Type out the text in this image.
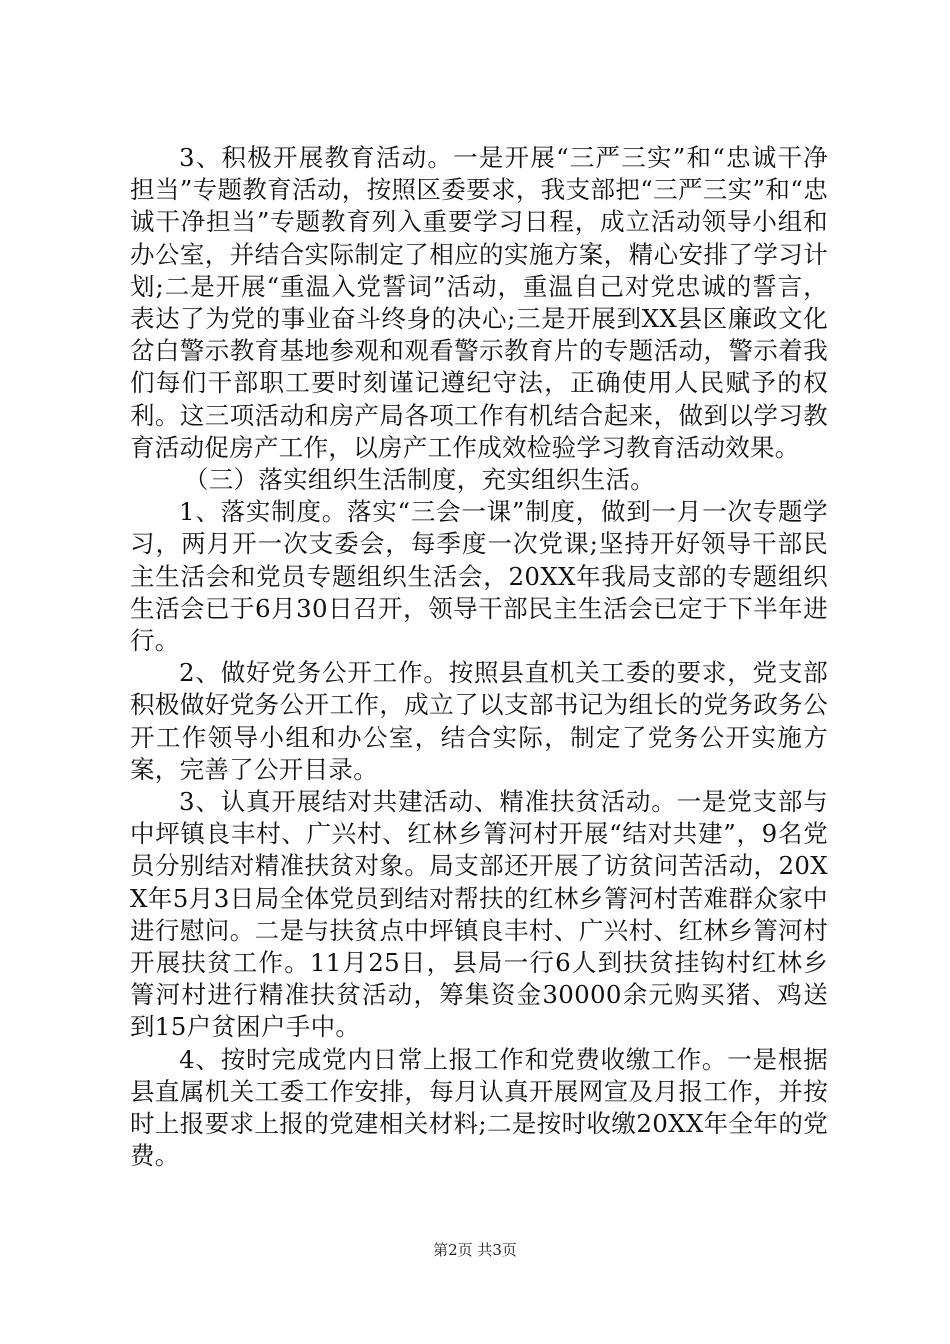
3、积极开展教育活动。一是开展“三严三实”和“忠诚干净担当”专题教育活动，按照区委要求，我支部把“三严三实”和“忠诚干净担当”专题教育列入重要学习日程，成立活动领导小组和办公室，并结合实际制定了相应的实施方案，精心安排了学习计划;二是开展“重温入党誓词”活动，重温自己对党忠诚的誓言，表达了为党的事业奋斗终身的决心;三是开展到XX县区廉政文化岔白警示教育基地参观和观看警示教育片的专题活动，警示着我们每们干部职工要时刻谨记遵纪守法，正确使用人民赋予的权利。这三项活动和房产局各项工作有机结合起来，做到以学习教育活动促房产工作，以房产工作成效检验学习教育活动效果。

（三）落实组织生活制度，充实组织生活。

1、落实制度。落实“三会一课”制度，做到一月一次专题学习，两月开一次支委会，每季度一次党课;坚持开好领导干部民主生活会和党员专题组织生活会，20XX年我局支部的专题组织生活会已于6月30日召开，领导干部民主生活会已定于下半年进行。

2、做好党务公开工作。按照县直机关工委的要求，党支部积极做好党务公开工作，成立了以支部书记为组长的党务政务公开工作领导小组和办公室，结合实际，制定了党务公开实施方案，完善了公开目录。

3、认真开展结对共建活动、精准扶贫活动。一是党支部与中坪镇良丰村、广兴村、红林乡箐河村开展“结对共建”，9名党员分别结对精准扶贫对象。局支部还开展了访贫问苦活动，20XX年5月3日局全体党员到结对帮扶的红林乡箐河村苦难群众家中进行慰问。二是与扶贫点中坪镇良丰村、广兴村、红林乡箐河村开展扶贫工作。11月25日，县局一行6人到扶贫挂钩村红林乡箐河村进行精准扶贫活动，筹集资金30000余元购买猪、鸡送到15户贫困户手中。

4、按时完成党内日常上报工作和党费收缴工作。一是根据县直属机关工委工作安排，每月认真开展网宣及月报工作，并按时上报要求上报的党建相关材料;二是按时收缴20XX年全年的党费。

第2页 共3页
